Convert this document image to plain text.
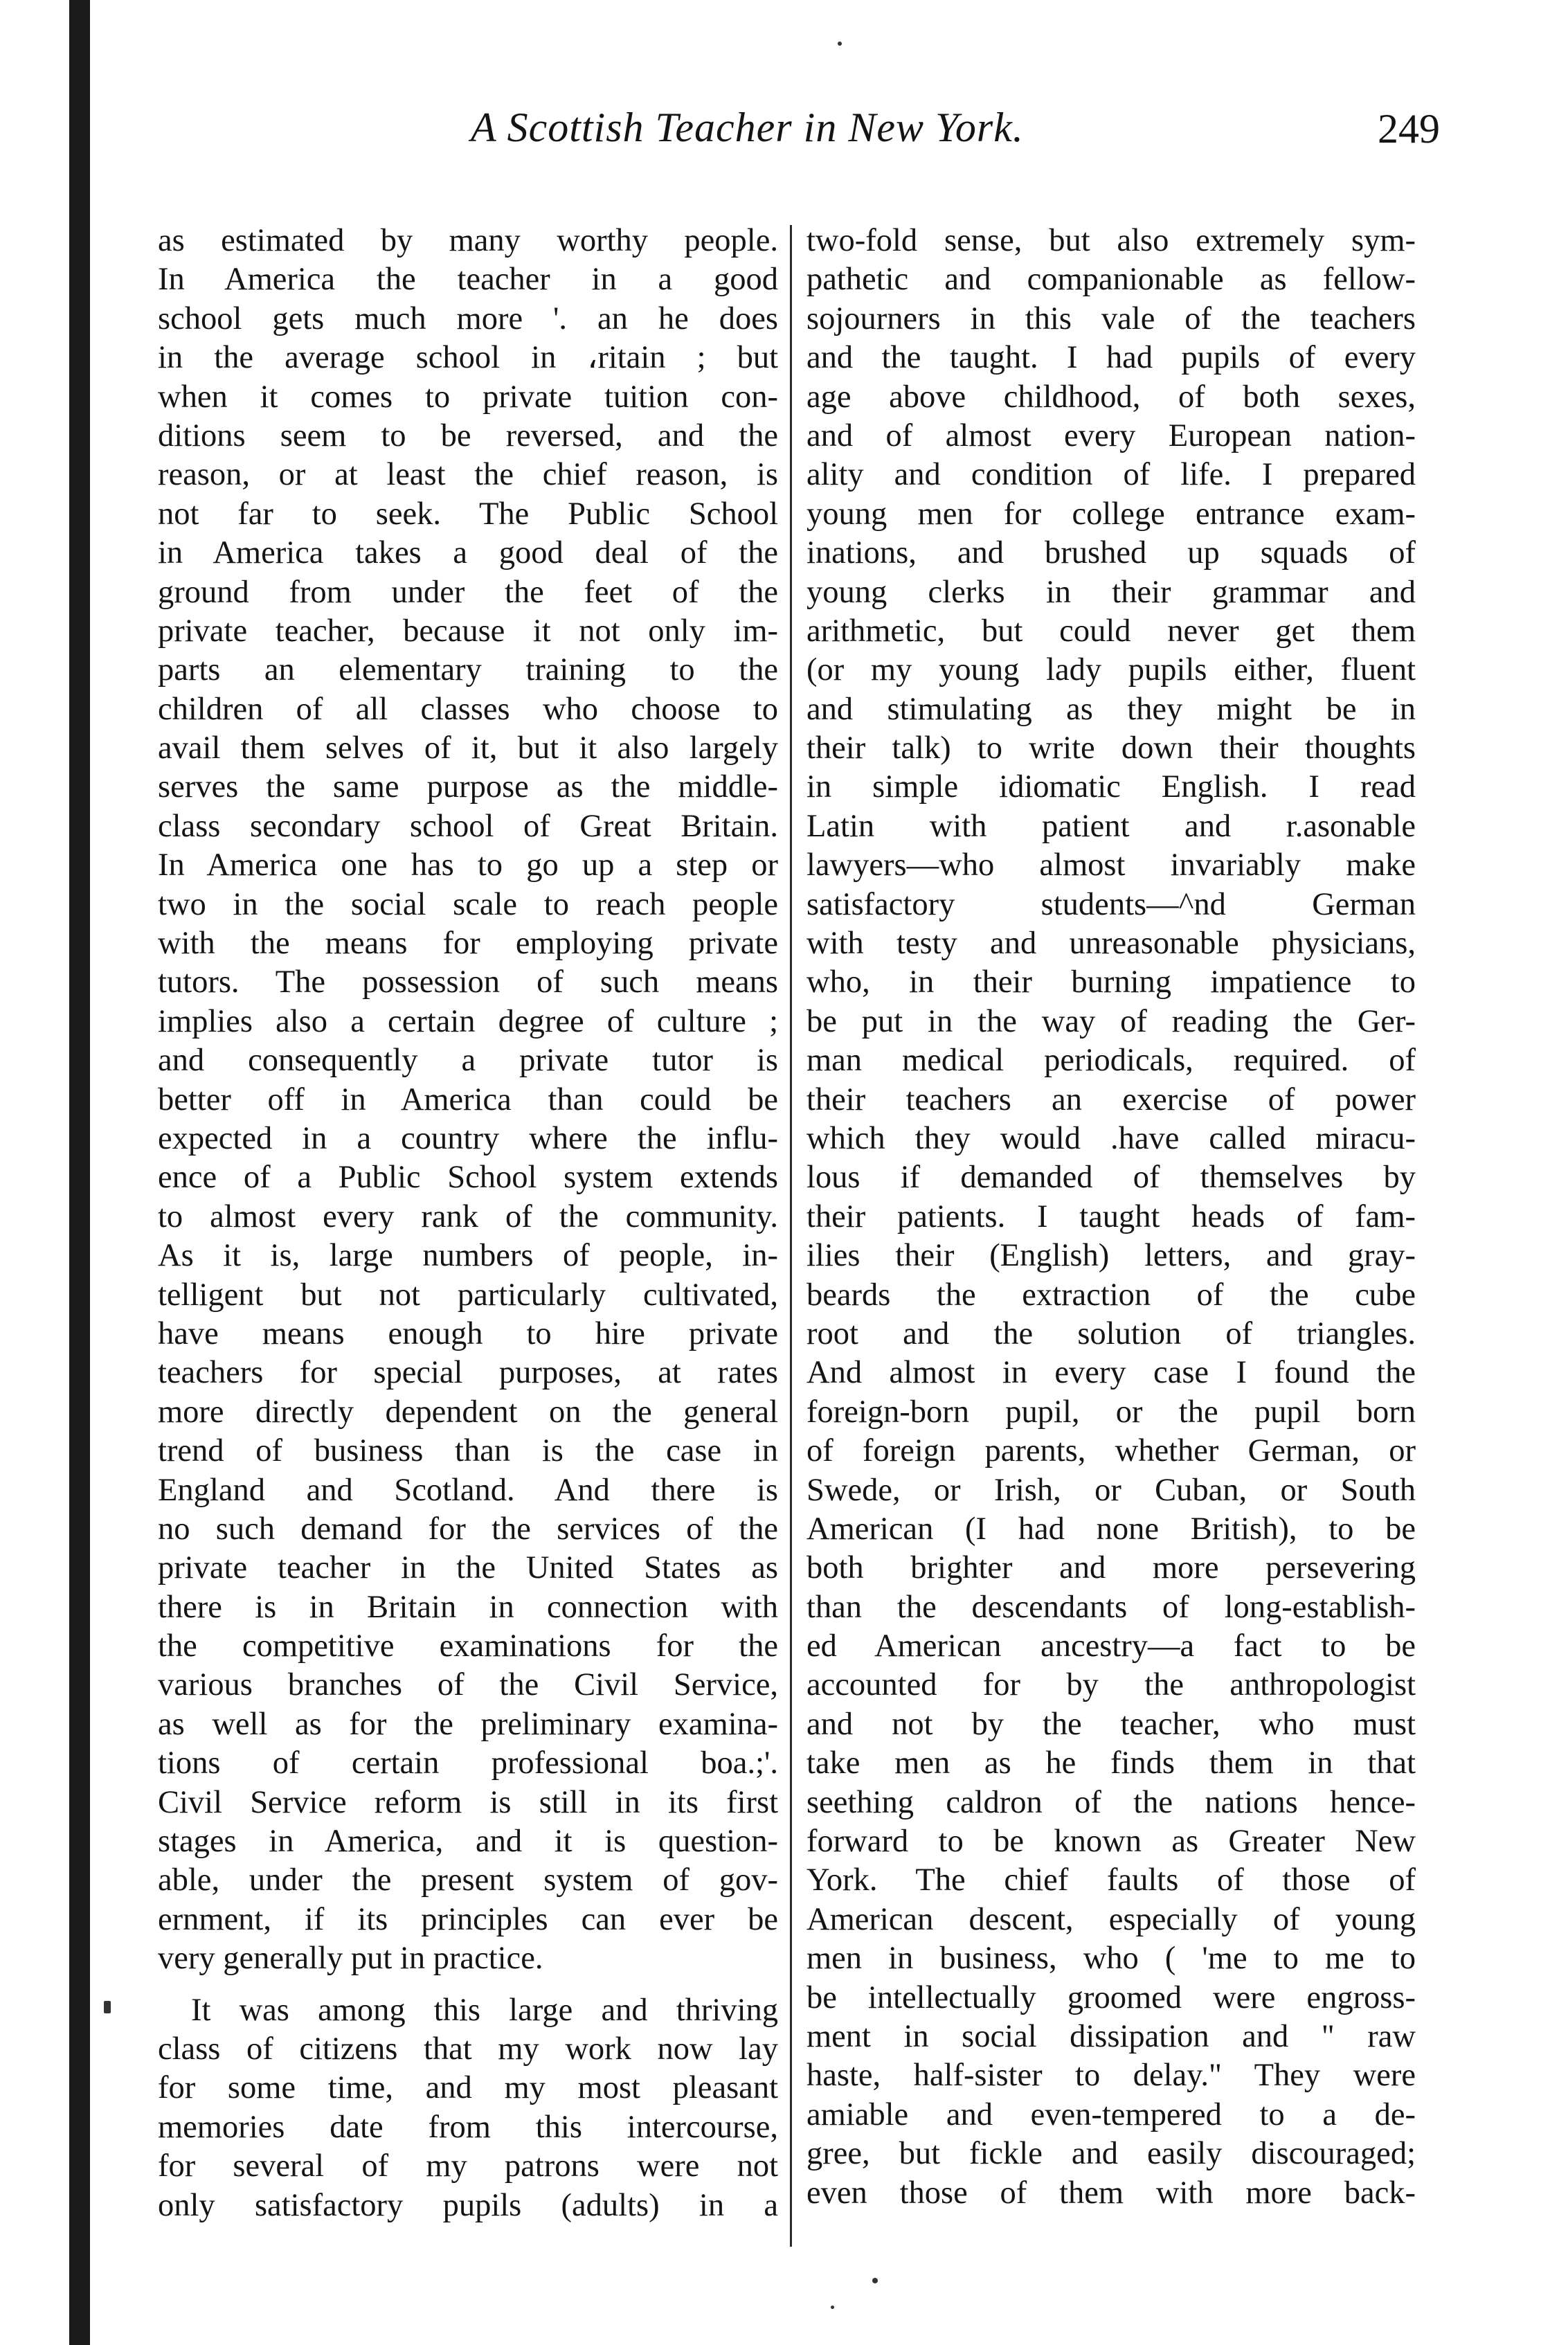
A Scottish Teacher in New York.	249
as estimated by many worthy people.
In America the teacher in a good
school gets much more '. an he does
in the average school in ،ritain ; but
when it comes to private tuition con-
ditions seem to be reversed, and the
reason, or at least the chief reason, is
not far to seek. The Public School
in America takes a good deal of the
ground from under the feet of the
private teacher, because it not only im-
parts an elementary training to the
children of all classes who choose to
avail them selves of it, but it also largely
serves the same purpose as the middle-
class secondary school of Great Britain.
In America one has to go up a step or
two in the social scale to reach people
with the means for employing private
tutors. The possession of such means
implies also a certain degree of culture ;
and consequently a private tutor is
better off in America than could be
expected in a country where the influ-
ence of a Public School system extends
to almost every rank of the community.
As it is, large numbers of people, in-
telligent but not particularly cultivated,
have means enough to hire private
teachers for special purposes, at rates
more directly dependent on the general
trend of business than is the case in
England and Scotland. And there is
no such demand for the services of the
private teacher in the United States as
there is in Britain in connection with
the competitive examinations for the
various branches of the Civil Service,
as well as for the preliminary examina-
tions of certain professional boa.;'.
Civil Service reform is still in its first
stages in America, and it is question-
able, under the present system of gov-
ernment, if its principles can ever be
very generally put in practice.
It was among this large and thriving
class of citizens that my work now lay
for some time, and my most pleasant
memories date from this intercourse,
for several of my patrons were not
only satisfactory pupils (adults) in a
two-fold sense, but also extremely sym-
pathetic and companionable as fellow-
sojourners in this vale of the teachers
and the taught. I had pupils of every
age above childhood, of both sexes,
and of almost every European nation-
ality and condition of life. I prepared
young men for college entrance exam-
inations, and brushed up squads of
young clerks in their grammar and
arithmetic, but could never get them
(or my young lady pupils either, fluent
and stimulating as they might be in
their talk) to write down their thoughts
in simple idiomatic English. I read
Latin with patient and r.asonable
lawyers—who almost invariably make
satisfactory students—^nd German
with testy and unreasonable physicians,
who, in their burning impatience to
be put in the way of reading the Ger-
man medical periodicals, required. of
their teachers an exercise of power
which they would .have called miracu-
lous if demanded of themselves by
their patients. I taught heads of fam-
ilies their (English) letters, and gray-
beards the extraction of the cube
root and the solution of triangles.
And almost in every case I found the
foreign-born pupil, or the pupil born
of foreign parents, whether German, or
Swede, or Irish, or Cuban, or South
American (I had none British), to be
both brighter and more persevering
than the descendants of long-establish-
ed American ancestry—a fact to be
accounted for by the anthropologist
and not by the teacher, who must
take men as he finds them in that
seething caldron of the nations hence-
forward to be known as Greater New
York. The chief faults of those of
American descent, especially of young
men in business, who ( 'me to me to
be intellectually groomed were engross-
ment in social dissipation and " raw
haste, half-sister to delay." They were
amiable and even-tempered to a de-
gree, but fickle and easily discouraged;
even those of them with more back-
